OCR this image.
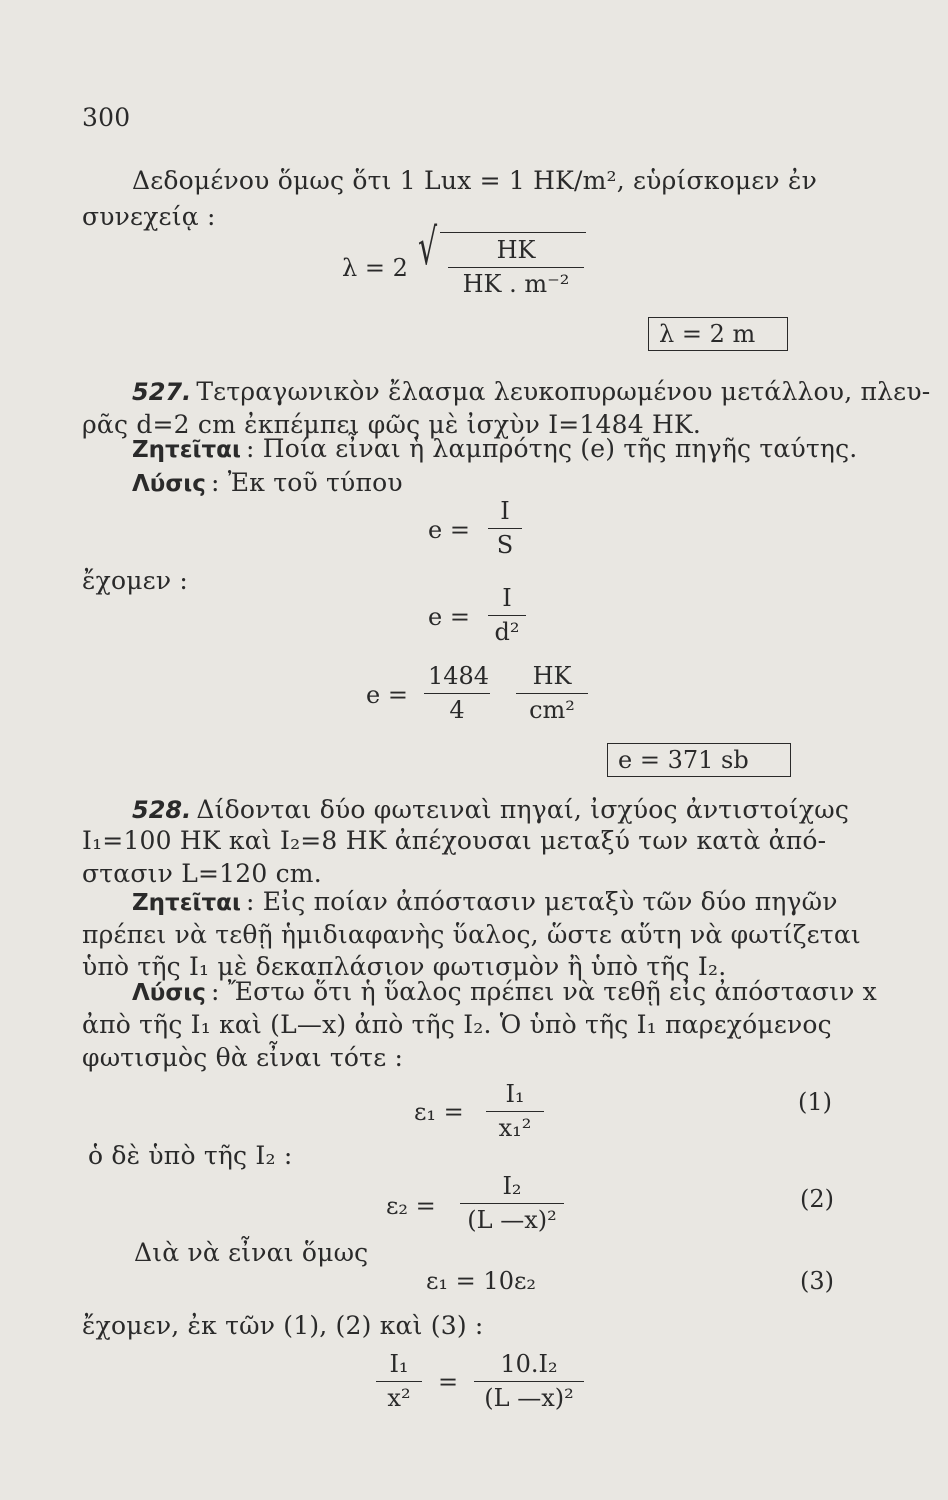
300
Δεδομένου ὅμως ὅτι 1 Lux = 1 HK/m², εὑρίσκομεν ἐν
συνεχείᾳ :
λ = 2 √	HK
HK . m⁻²
λ = 2 m
527. Τετραγωνικὸν ἔλασμα λευκοπυρωμένου μετάλλου, πλευ-
ρᾶς d=2 cm ἐκπέμπει φῶς μὲ ἰσχὺν I=1484 HK.
Ζητεῖται : Ποία εἶναι ἡ λαμπρότης (e) τῆς πηγῆς ταύτης.
Λύσις : Ἐκ τοῦ τύπου
e =
I
S
ἔχομεν :
e =
I
d²
e =
1484
4
HK
cm²
e = 371 sb
528. Δίδονται δύο φωτειναὶ πηγαί, ἰσχύος ἀντιστοίχως
I₁=100 HK καὶ I₂=8 HK ἀπέχουσαι μεταξύ των κατὰ ἀπό-
στασιν L=120 cm.
Ζητεῖται : Εἰς ποίαν ἀπόστασιν μεταξὺ τῶν δύο πηγῶν
πρέπει νὰ τεθῇ ἡμιδιαφανὴς ὕαλος, ὥστε αὕτη νὰ φωτίζεται
ὑπὸ τῆς I₁ μὲ δεκαπλάσιον φωτισμὸν ἢ ὑπὸ τῆς I₂.
Λύσις : Ἔστω ὅτι ἡ ὕαλος πρέπει νὰ τεθῇ εἰς ἀπόστασιν x
ἀπὸ τῆς I₁ καὶ (L—x) ἀπὸ τῆς I₂. Ὁ ὑπὸ τῆς I₁ παρεχόμενος
φωτισμὸς θὰ εἶναι τότε :
ε₁ =
I₁
x₁²
(1)
ὁ δὲ ὑπὸ τῆς I₂ :
ε₂ =
I₂
(L —x)²
(2)
Διὰ νὰ εἶναι ὅμως
ε₁ = 10ε₂	(3)
ἔχομεν, ἐκ τῶν (1), (2) καὶ (3) :
I₁
x²
=
10.I₂
(L —x)²
